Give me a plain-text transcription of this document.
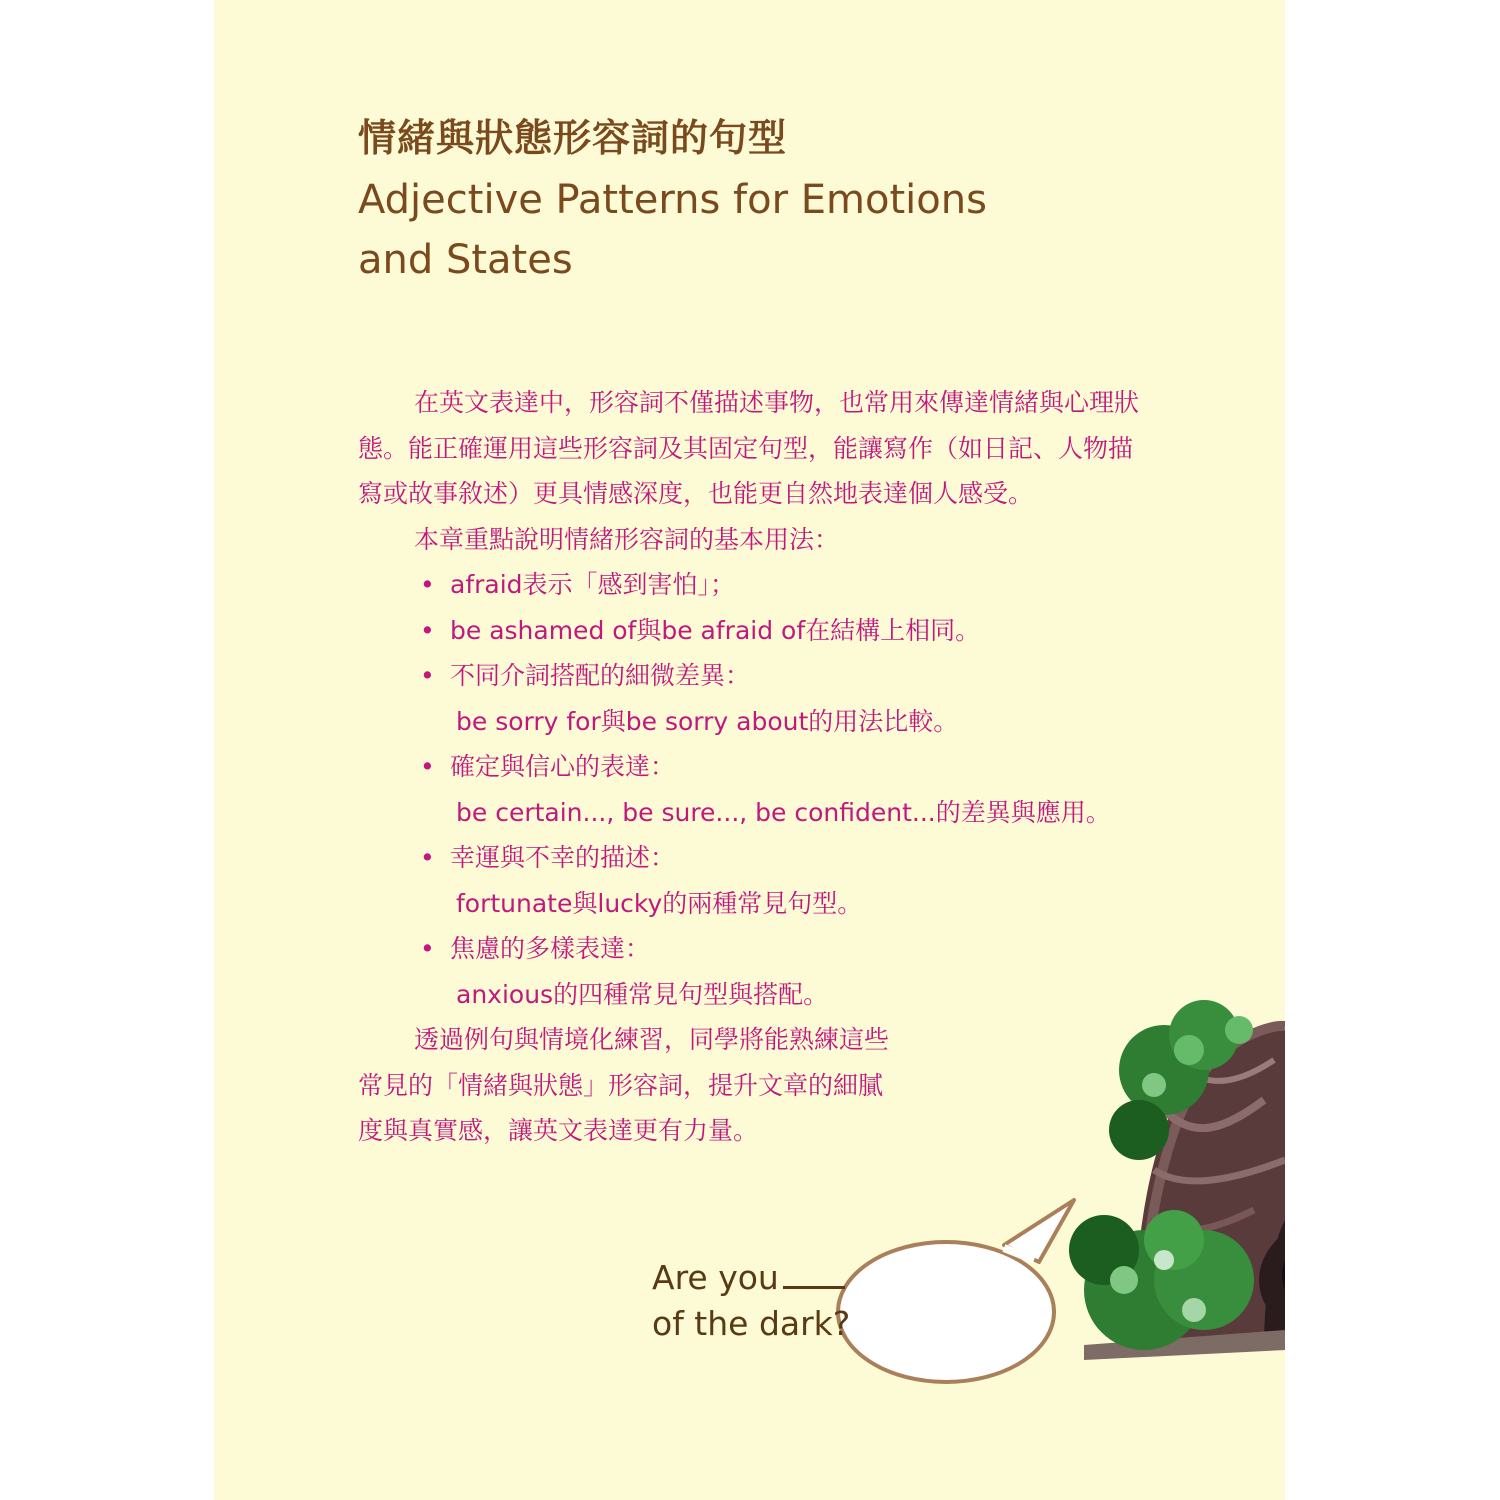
情緒與狀態形容詞的句型
Adjective Patterns for Emotions
and States

在英文表達中，形容詞不僅描述事物，也常用來傳達情緒與心理狀態。能正確運用這些形容詞及其固定句型，能讓寫作（如日記、人物描寫或故事敘述）更具情感深度，也能更自然地表達個人感受。

本章重點說明情緒形容詞的基本用法：

• afraid表示「感到害怕」；
• be ashamed of與be afraid of在結構上相同。
• 不同介詞搭配的細微差異：
be sorry for與be sorry about的用法比較。
• 確定與信心的表達：
be certain..., be sure..., be confident...的差異與應用。
• 幸運與不幸的描述：
fortunate與lucky的兩種常見句型。
• 焦慮的多樣表達：
anxious的四種常見句型與搭配。

透過例句與情境化練習，同學將能熟練這些常見的「情緒與狀態」形容詞，提升文章的細膩度與真實感，讓英文表達更有力量。

Are you
of the dark?
